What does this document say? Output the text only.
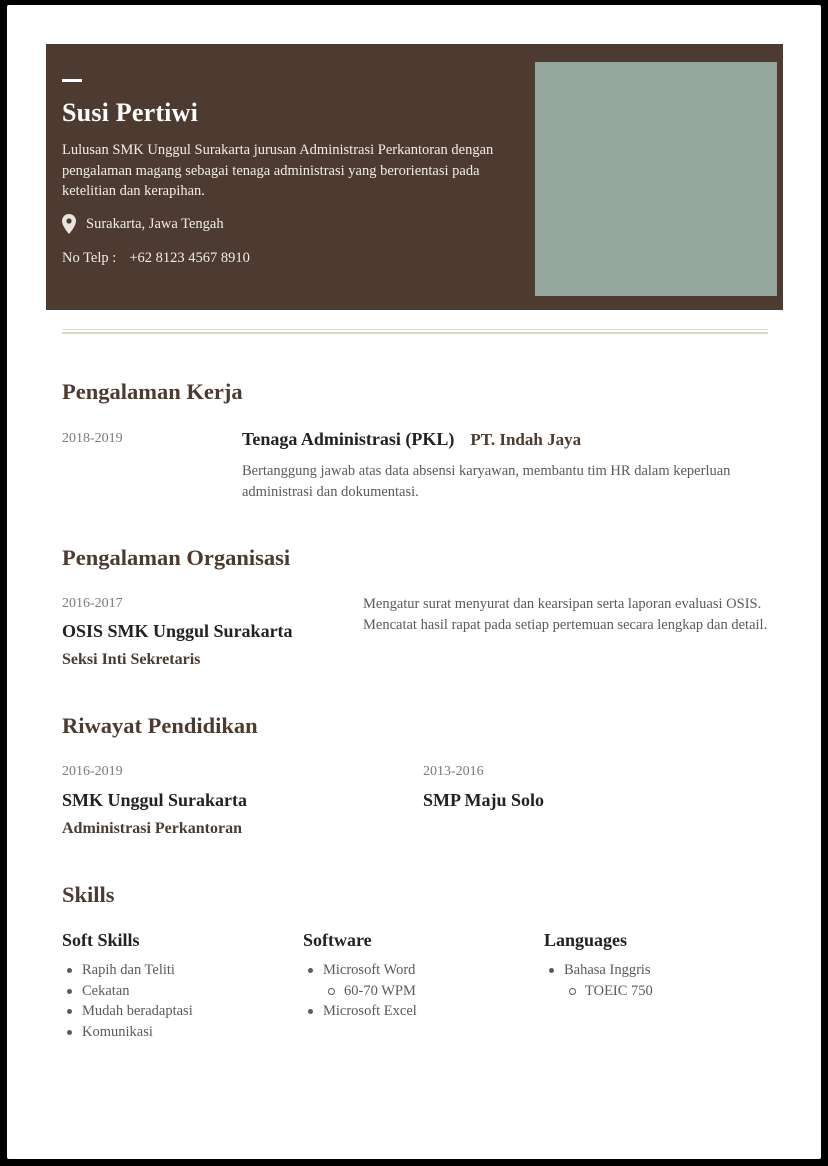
Susi Pertiwi
Lulusan SMK Unggul Surakarta jurusan Administrasi Perkantoran dengan pengalaman magang sebagai tenaga administrasi yang berorientasi pada ketelitian dan kerapihan.
Surakarta, Jawa Tengah
No Telp : +62 8123 4567 8910
Pengalaman Kerja
2018-2019	Tenaga Administrasi (PKL) PT. Indah Jaya
Bertanggung jawab atas data absensi karyawan, membantu tim HR dalam keperluan administrasi dan dokumentasi.
Pengalaman Organisasi
2016-2017
OSIS SMK Unggul Surakarta
Seksi Inti Sekretaris
Mengatur surat menyurat dan kearsipan serta laporan evaluasi OSIS. Mencatat hasil rapat pada setiap pertemuan secara lengkap dan detail.
Riwayat Pendidikan
2016-2019
SMK Unggul Surakarta
Administrasi Perkantoran
2013-2016
SMP Maju Solo
Skills
Soft Skills
Rapih dan Teliti
Cekatan
Mudah beradaptasi
Komunikasi
Software
Microsoft Word
60-70 WPM
Microsoft Excel
Languages
Bahasa Inggris
TOEIC 750
